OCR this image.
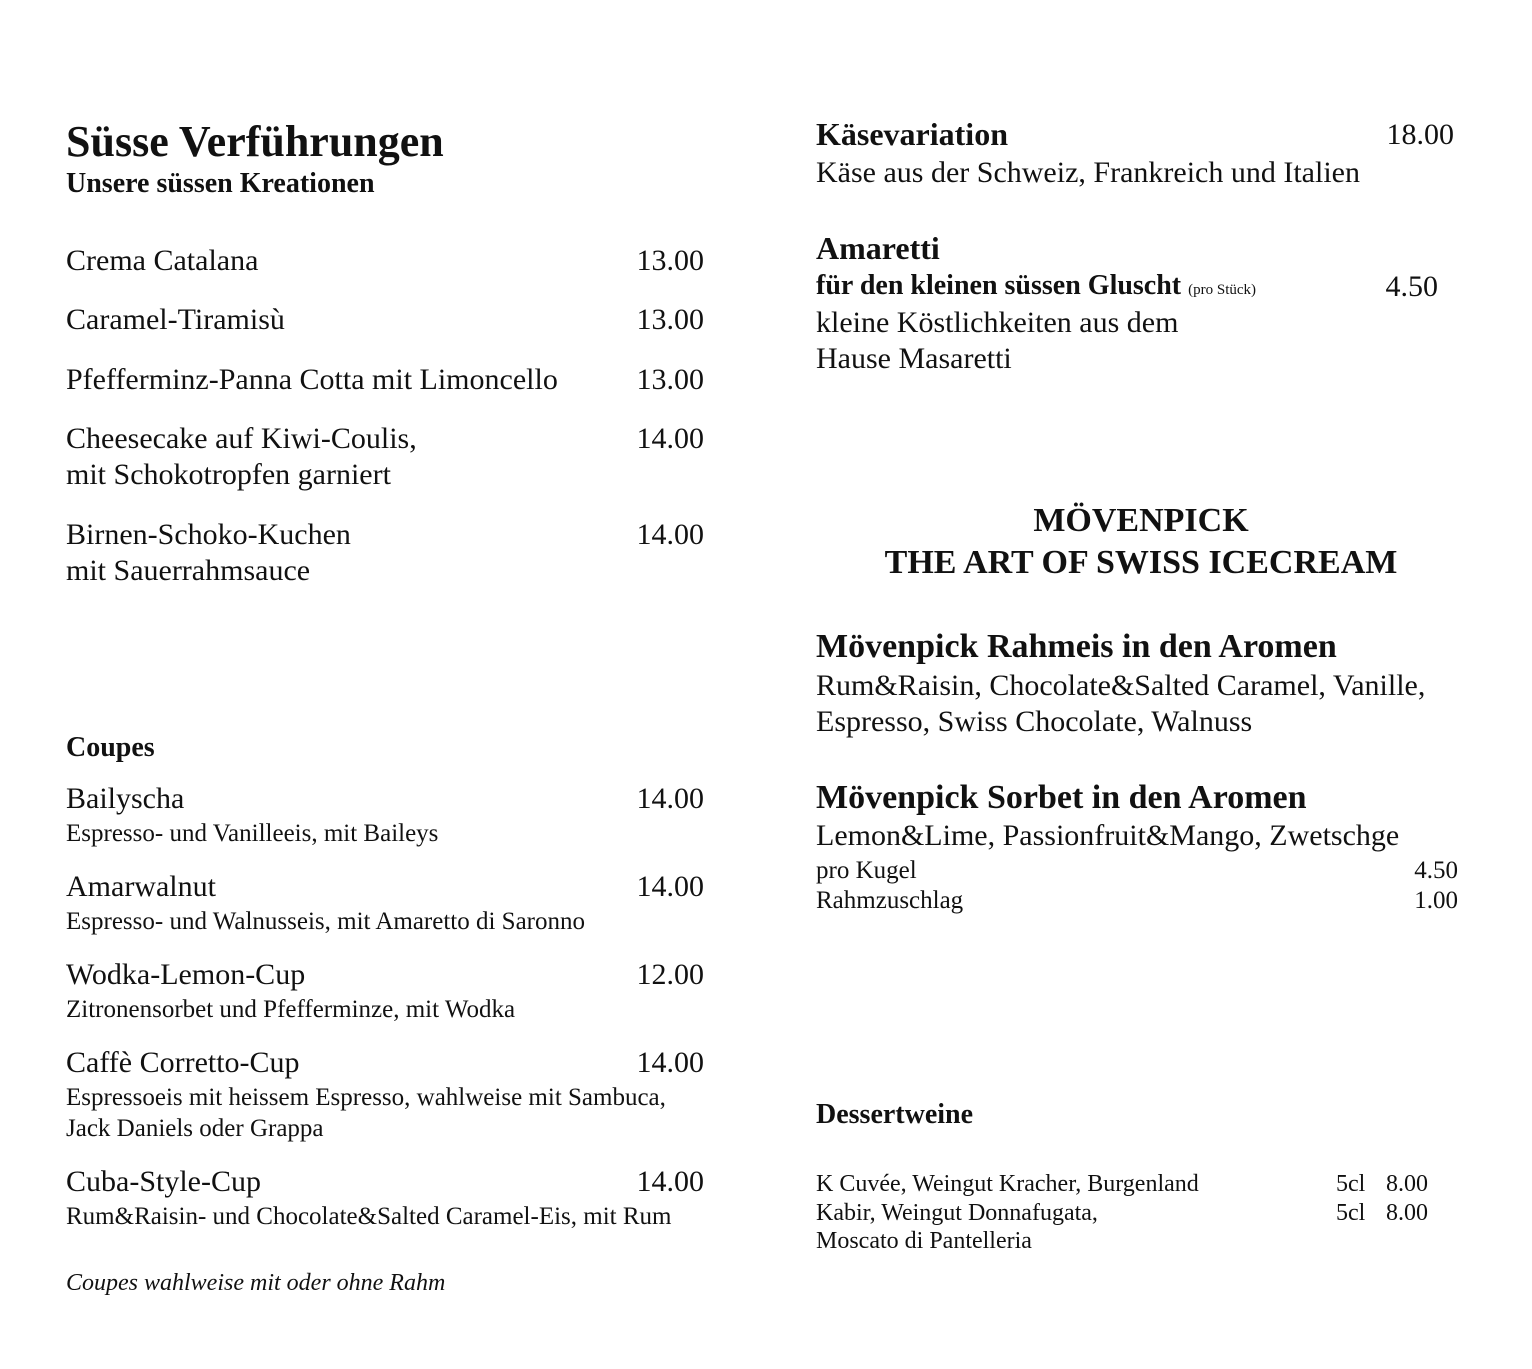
Süsse Verführungen
Unsere süssen Kreationen
Crema Catalana	13.00
Caramel-Tiramisù	13.00
Pfefferminz-Panna Cotta mit Limoncello	13.00
Cheesecake auf Kiwi-Coulis,	14.00
mit Schokotropfen garniert
Birnen-Schoko-Kuchen	14.00
mit Sauerrahmsauce
Coupes
Bailyscha	14.00
Espresso- und Vanilleeis, mit Baileys
Amarwalnut	14.00
Espresso- und Walnusseis, mit Amaretto di Saronno
Wodka-Lemon-Cup	12.00
Zitronensorbet und Pfefferminze, mit Wodka
Caffè Corretto-Cup	14.00
Espressoeis mit heissem Espresso, wahlweise mit Sambuca,
Jack Daniels oder Grappa
Cuba-Style-Cup	14.00
Rum&Raisin- und Chocolate&Salted Caramel-Eis, mit Rum
Coupes wahlweise mit oder ohne Rahm
Käsevariation	18.00
Käse aus der Schweiz, Frankreich und Italien
Amaretti
für den kleinen süssen Gluscht (pro Stück)	4.50
kleine Köstlichkeiten aus dem
Hause Masaretti
MÖVENPICK
THE ART OF SWISS ICECREAM
Mövenpick Rahmeis in den Aromen
Rum&Raisin, Chocolate&Salted Caramel, Vanille,
Espresso, Swiss Chocolate, Walnuss
Mövenpick Sorbet in den Aromen
Lemon&Lime, Passionfruit&Mango, Zwetschge
pro Kugel	4.50
Rahmzuschlag	1.00
Dessertweine
K Cuvée, Weingut Kracher, Burgenland	5cl 8.00
Kabir, Weingut Donnafugata,	5cl 8.00
Moscato di Pantelleria
